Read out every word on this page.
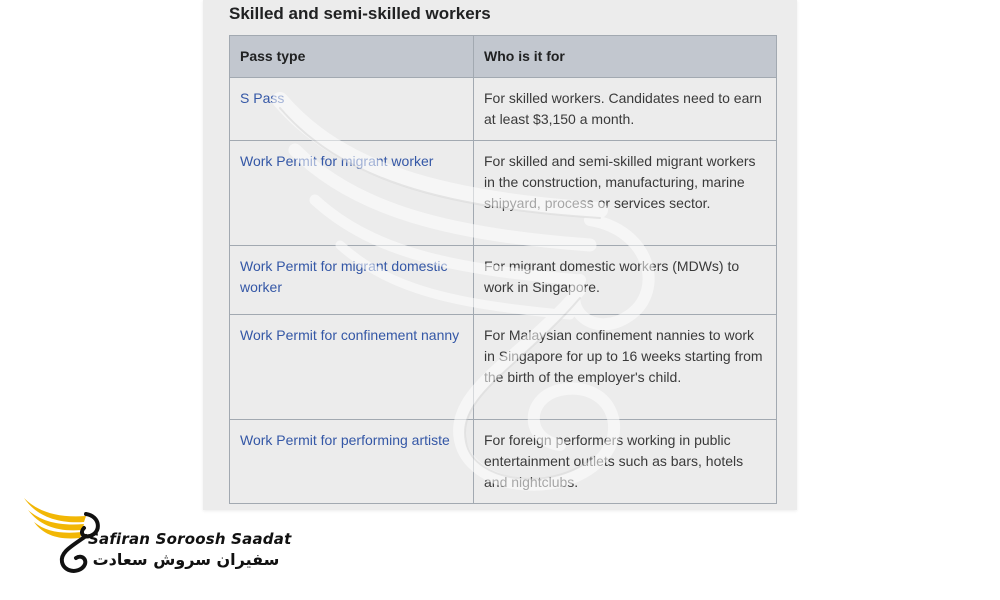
Skilled and semi-skilled workers
Pass type	Who is it for
S Pass	For skilled workers. Candidates need to earn at least $3,150 a month.
Work Permit for migrant worker	For skilled and semi-skilled migrant workers in the construction, manufacturing, marine shipyard, process or services sector.
Work Permit for migrant domestic worker	For migrant domestic workers (MDWs) to work in Singapore.
Work Permit for confinement nanny	For Malaysian confinement nannies to work in Singapore for up to 16 weeks starting from the birth of the employer's child.
Work Permit for performing artiste	For foreign performers working in public entertainment outlets such as bars, hotels and nightclubs.

Safiran Soroosh Saadat

سفیران سروش سعادت
